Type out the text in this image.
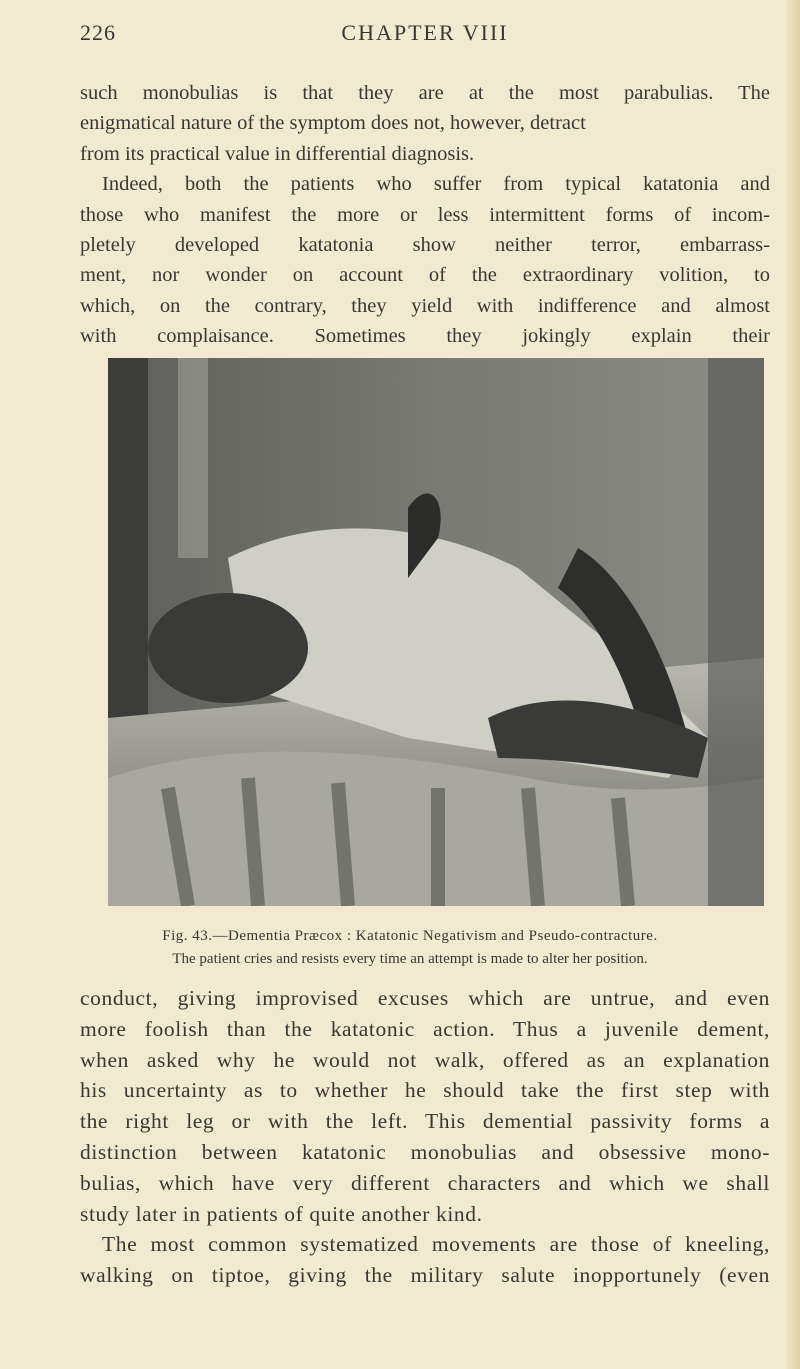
226	CHAPTER VIII
such monobulias is that they are at the most parabulias. The
enigmatical nature of the symptom does not, however, detract
from its practical value in differential diagnosis.
Indeed, both the patients who suffer from typical katatonia and
those who manifest the more or less intermittent forms of incom-
pletely developed katatonia show neither terror, embarrass-
ment, nor wonder on account of the extraordinary volition, to
which, on the contrary, they yield with indifference and almost
with complaisance. Sometimes they jokingly explain their
Fig. 43.—Dementia Præcox : Katatonic Negativism and Pseudo-contracture.
The patient cries and resists every time an attempt is made to alter her position.
conduct, giving improvised excuses which are untrue, and even
more foolish than the katatonic action. Thus a juvenile dement,
when asked why he would not walk, offered as an explanation
his uncertainty as to whether he should take the first step with
the right leg or with the left. This demential passivity forms a
distinction between katatonic monobulias and obsessive mono-
bulias, which have very different characters and which we shall
study later in patients of quite another kind.
The most common systematized movements are those of kneeling,
walking on tiptoe, giving the military salute inopportunely (even
